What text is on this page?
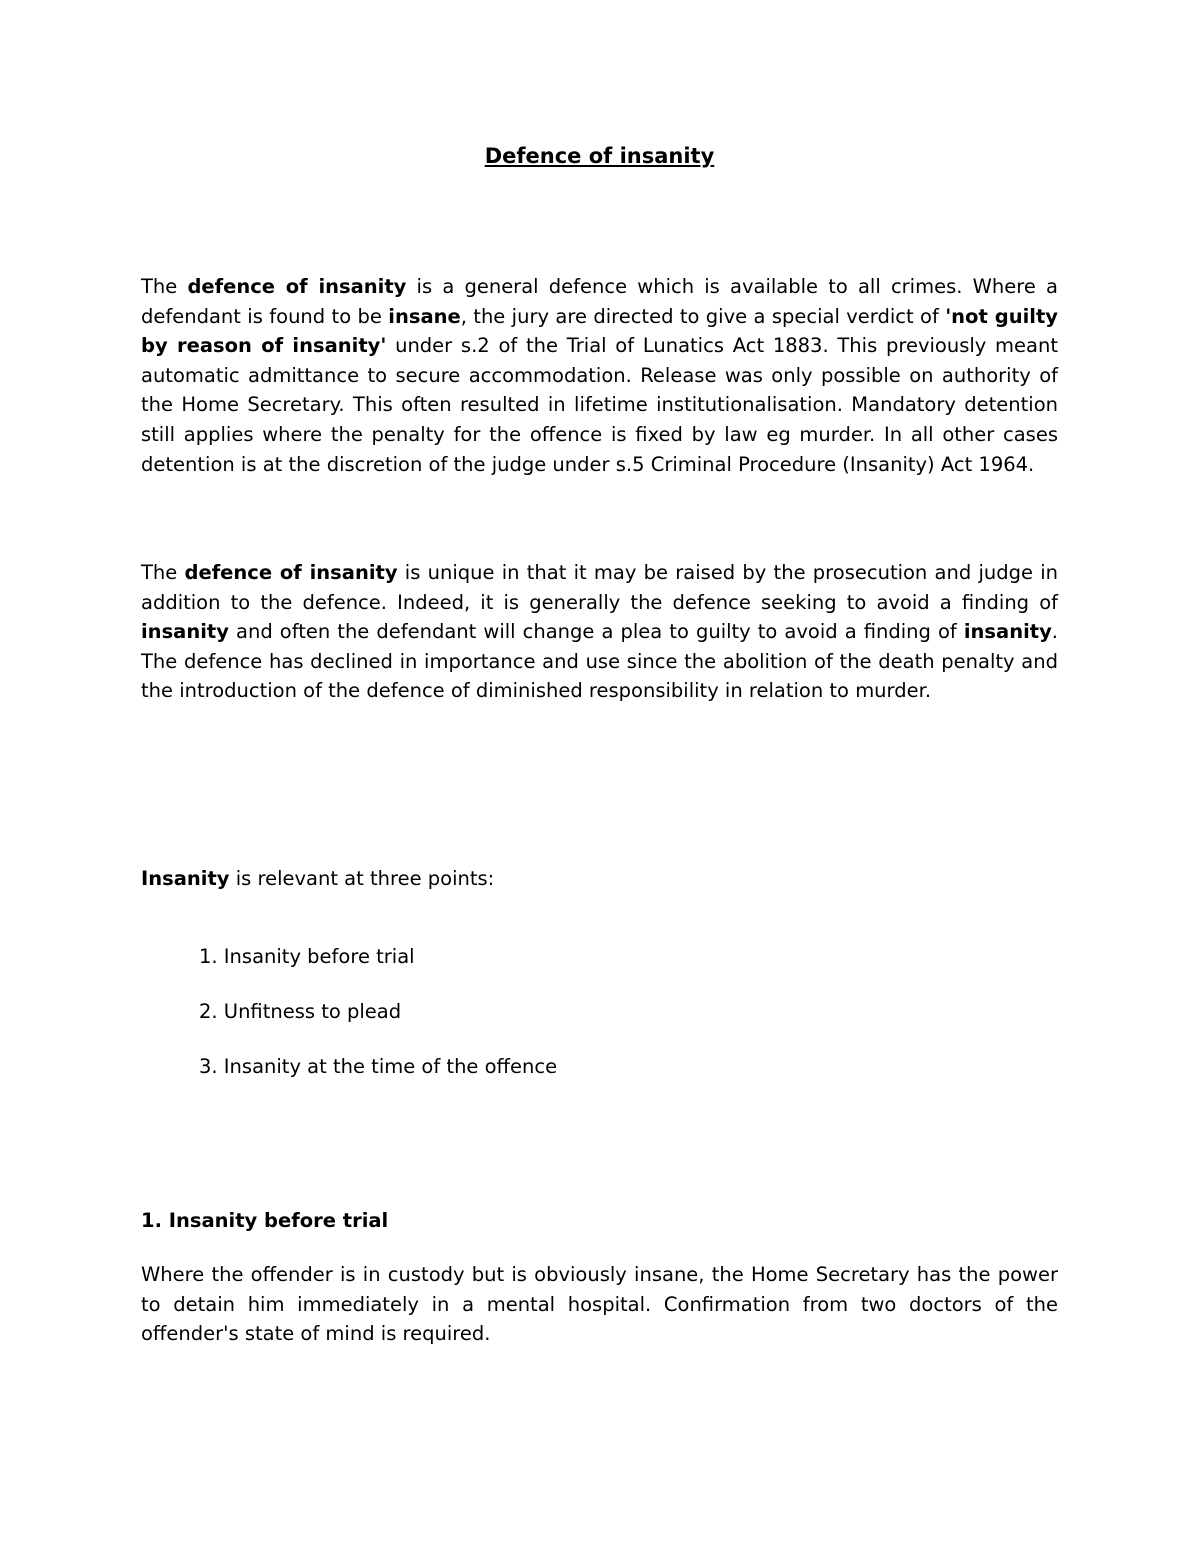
Defence of insanity

The defence of insanity is a general defence which is available to all crimes. Where a defendant is found to be insane, the jury are directed to give a special verdict of 'not guilty by reason of insanity' under s.2 of the Trial of Lunatics Act 1883. This previously meant automatic admittance to secure accommodation. Release was only possible on authority of the Home Secretary. This often resulted in lifetime institutionalisation. Mandatory detention still applies where the penalty for the offence is fixed by law eg murder. In all other cases detention is at the discretion of the judge under s.5 Criminal Procedure (Insanity) Act 1964.

The defence of insanity is unique in that it may be raised by the prosecution and judge in addition to the defence. Indeed, it is generally the defence seeking to avoid a finding of insanity and often the defendant will change a plea to guilty to avoid a finding of insanity. The defence has declined in importance and use since the abolition of the death penalty and the introduction of the defence of diminished responsibility in relation to murder.

Insanity is relevant at three points:

1. Insanity before trial
2. Unfitness to plead
3. Insanity at the time of the offence
1. Insanity before trial

Where the offender is in custody but is obviously insane, the Home Secretary has the power to detain him immediately in a mental hospital. Confirmation from two doctors of the offender's state of mind is required.
